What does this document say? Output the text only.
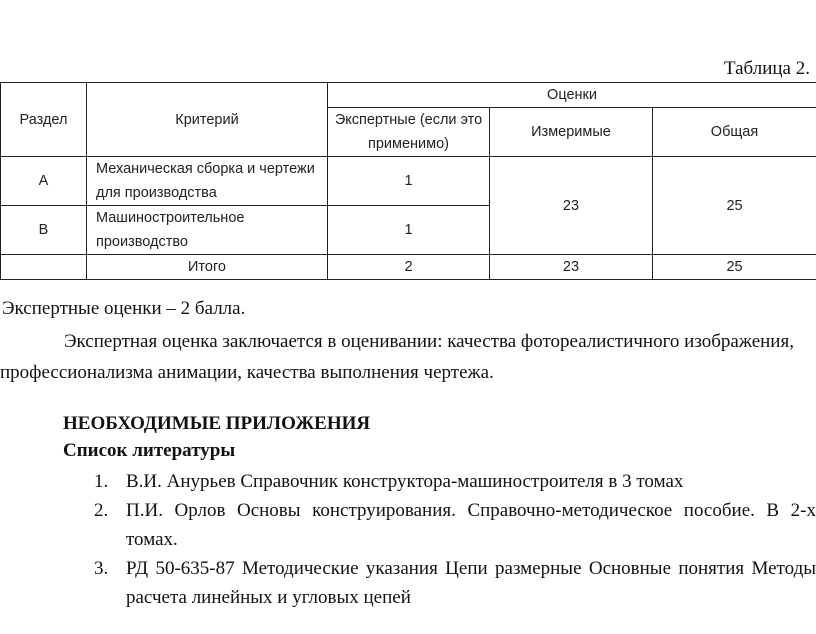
Таблица 2.
Раздел	Критерий	Оценки		
		Экспертные (если это применимо)	Измеримые	Общая
А	Механическая сборка и чертежи для производства	1	23	25
В	Машиностроительное производство	1		
	Итого	2	23	25
Экспертные оценки – 2 балла.
Экспертная оценка заключается в оценивании: качества фотореалистичного изображения, профессионализма анимации, качества выполнения чертежа.
НЕОБХОДИМЫЕ ПРИЛОЖЕНИЯ
Список литературы
1. В.И. Анурьев Справочник конструктора-машиностроителя в 3 томах
2. П.И. Орлов Основы конструирования. Справочно-методическое пособие. В 2-х томах.
3. РД 50-635-87 Методические указания Цепи размерные Основные понятия Методы расчета линейных и угловых цепей
